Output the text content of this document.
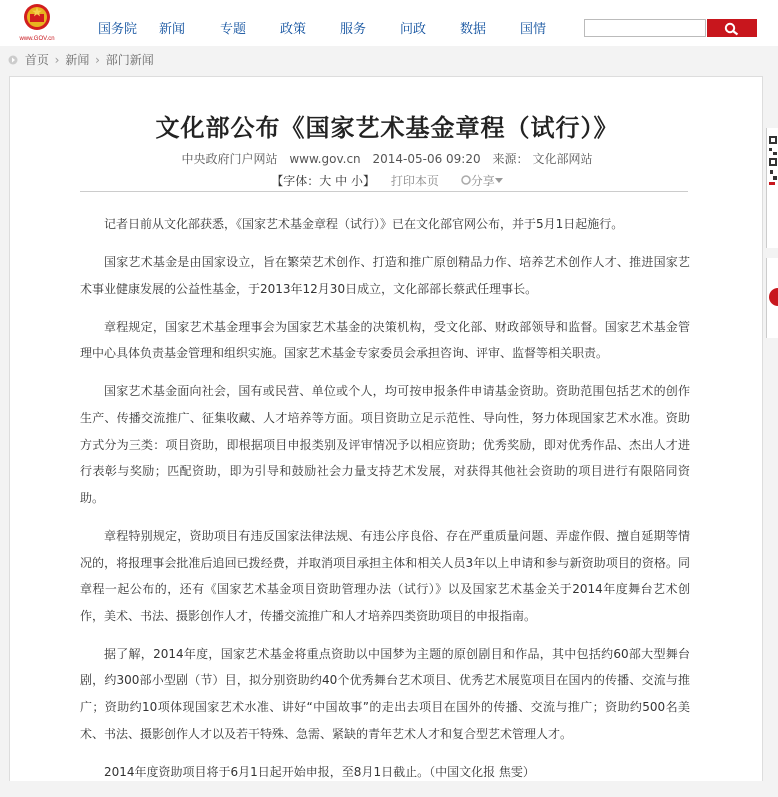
www.GOV.cn
国务院 新闻	专题	政策	服务	问政	数据	国情
首页 › 新闻 › 部门新闻
文化部公布《国家艺术基金章程（试行）》
中央政府门户网站 www.gov.cn 2014-05-06 09:20 来源： 文化部网站
【字体：大 中 小】 打印本页	分享

记者日前从文化部获悉，《国家艺术基金章程（试行）》已在文化部官网公布，并于5月1日起施行。

国家艺术基金是由国家设立，旨在繁荣艺术创作、打造和推广原创精品力作、培养艺术创作人才、推进国家艺术事业健康发展的公益性基金，于2013年12月30日成立，文化部部长蔡武任理事长。

章程规定，国家艺术基金理事会为国家艺术基金的决策机构，受文化部、财政部领导和监督。国家艺术基金管理中心具体负责基金管理和组织实施。国家艺术基金专家委员会承担咨询、评审、监督等相关职责。

国家艺术基金面向社会，国有或民营、单位或个人，均可按申报条件申请基金资助。资助范围包括艺术的创作生产、传播交流推广、征集收藏、人才培养等方面。项目资助立足示范性、导向性，努力体现国家艺术水准。资助方式分为三类：项目资助，即根据项目申报类别及评审情况予以相应资助；优秀奖励，即对优秀作品、杰出人才进行表彰与奖励；匹配资助，即为引导和鼓励社会力量支持艺术发展，对获得其他社会资助的项目进行有限陪同资助。

章程特别规定，资助项目有违反国家法律法规、有违公序良俗、存在严重质量问题、弄虚作假、擅自延期等情况的，将报理事会批准后追回已拨经费，并取消项目承担主体和相关人员3年以上申请和参与新资助项目的资格。同章程一起公布的，还有《国家艺术基金项目资助管理办法（试行）》以及国家艺术基金关于2014年度舞台艺术创作，美术、书法、摄影创作人才，传播交流推广和人才培养四类资助项目的申报指南。

据了解，2014年度，国家艺术基金将重点资助以中国梦为主题的原创剧目和作品，其中包括约60部大型舞台剧，约300部小型剧（节）目，拟分别资助约40个优秀舞台艺术项目、优秀艺术展览项目在国内的传播、交流与推广；资助约10项体现国家艺术水准、讲好“中国故事”的走出去项目在国外的传播、交流与推广；资助约500名美术、书法、摄影创作人才以及若干特殊、急需、紧缺的青年艺术人才和复合型艺术管理人才。

2014年度资助项目将于6月1日起开始申报，至8月1日截止。（中国文化报 焦雯）
